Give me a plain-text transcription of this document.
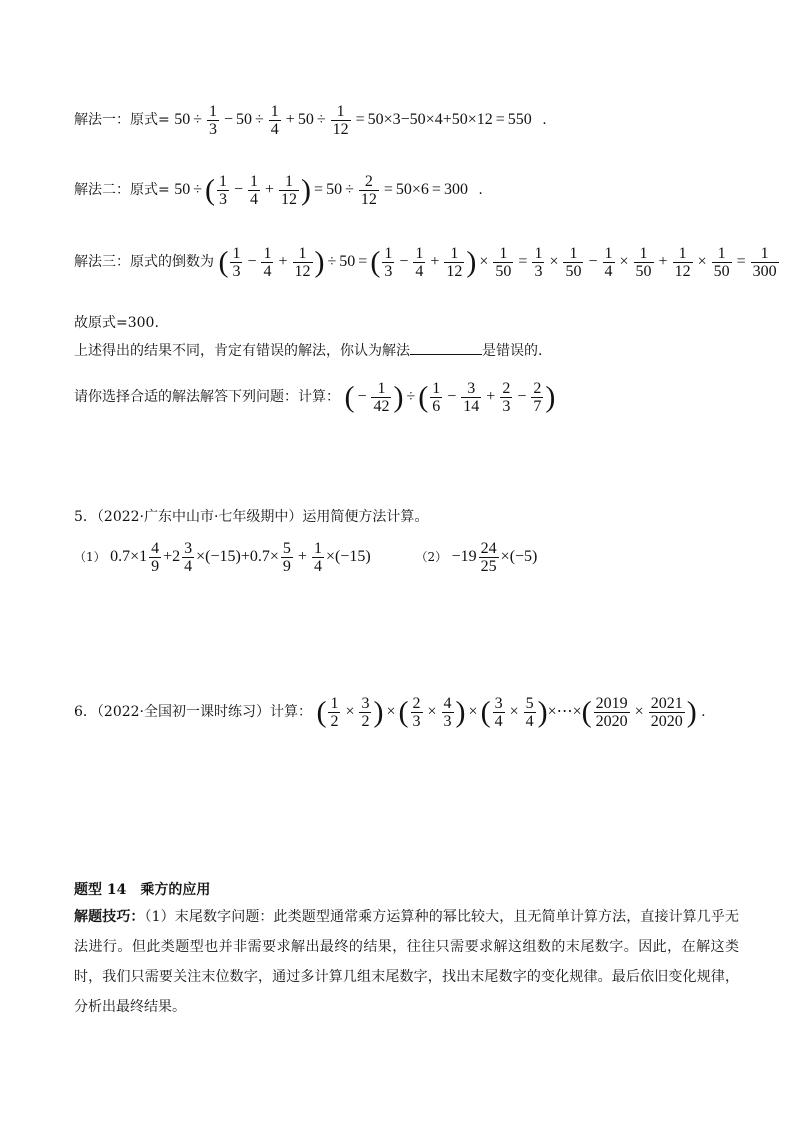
解法一：原式= $50 \div \frac{1}{3} - 50 \div \frac{1}{4} + 50 \div \frac{1}{12} = 50\times 3-50\times 4+50\times 12 = 550$ .
解法二：原式= 50 ÷ ( $\frac{1}{3} - \frac{1}{4} + \frac{1}{12}$ ) = $50 \div \frac{2}{12} = 50\times 6 = 300$ .
解法三：原式的倒数为 ( $\frac{1}{3} - \frac{1}{4} + \frac{1}{12}$ ) ÷ 50 = ( $\frac{1}{3} - \frac{1}{4} + \frac{1}{12}$ ) × $\frac{1}{50} = \frac{1}{3} \times \frac{1}{50} - \frac{1}{4} \times \frac{1}{50} + \frac{1}{12} \times \frac{1}{50} = \frac{1}{300}$
故原式=300.
上述得出的结果不同，肯定有错误的解法，你认为解法	是错误的.
请你选择合适的解法解答下列问题：计算： ( − $\frac{1}{42}$ ) ÷ ( $\frac{1}{6} - \frac{3}{14} + \frac{2}{3} - \frac{2}{7}$ )
5．（2022·广东中山市·七年级期中）运用简便方法计算。
（1） $0.7\times 1 \frac{4}{9} +2 \frac{3}{4} \times(-15)+0.7\times \frac{5}{9} + \frac{1}{4} \times(-15)$	$(2) -19 \frac{24}{25} \times(-5)$
6．（2022·全国初一课时练习）计算： ( $\frac{1}{2} \times \frac{3}{2}$ ) × ( $\frac{2}{3} \times \frac{4}{3}$ ) × ( $\frac{3}{4} \times \frac{5}{4}$ )×⋯×( $\frac{2019}{2020} \times \frac{2021}{2020}$ ) .
题型 14　乘方的应用
解题技巧：（1）末尾数字问题：此类题型通常乘方运算种的幂比较大，且无简单计算方法，直接计算几乎无法进行。但此类题型也并非需要求解出最终的结果，往往只需要求解这组数的末尾数字。因此，在解这类时，我们只需要关注末位数字，通过多计算几组末尾数字，找出末尾数字的变化规律。最后依旧变化规律，分析出最终结果。
